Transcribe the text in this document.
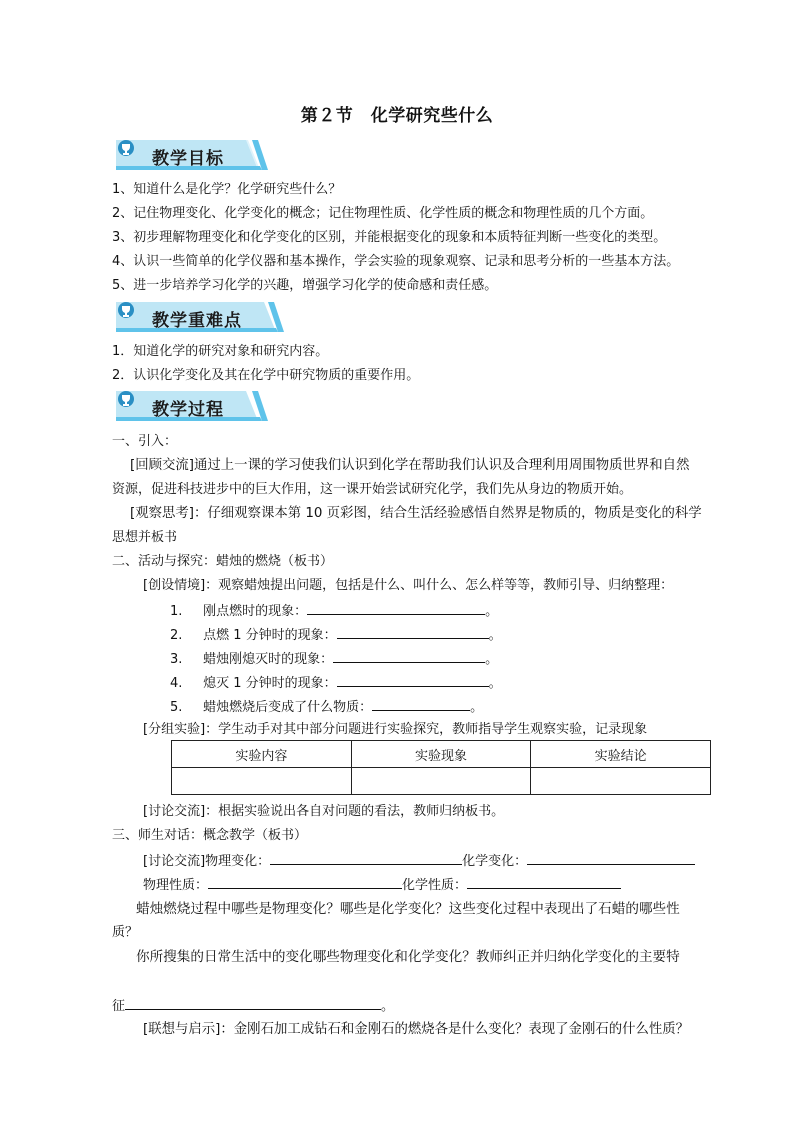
第２节　化学研究些什么
教学目标
1、知道什么是化学？化学研究些什么？
2、记住物理变化、化学变化的概念；记住物理性质、化学性质的概念和物理性质的几个方面。
3、初步理解物理变化和化学变化的区别，并能根据变化的现象和本质特征判断一些变化的类型。
4、认识一些简单的化学仪器和基本操作，学会实验的现象观察、记录和思考分析的一些基本方法。
5、进一步培养学习化学的兴趣，增强学习化学的使命感和责任感。
教学重难点
1．知道化学的研究对象和研究内容。
2．认识化学变化及其在化学中研究物质的重要作用。
教学过程
一、引入：
[回顾交流]通过上一课的学习使我们认识到化学在帮助我们认识及合理利用周围物质世界和自然
资源，促进科技进步中的巨大作用，这一课开始尝试研究化学，我们先从身边的物质开始。
[观察思考]：仔细观察课本第 10 页彩图，结合生活经验感悟自然界是物质的，物质是变化的科学
思想并板书
二、活动与探究：蜡烛的燃烧（板书）
[创设情境]：观察蜡烛提出问题，包括是什么、叫什么、怎么样等等，教师引导、归纳整理：
1. 刚点燃时的现象：	。
2. 点燃 1 分钟时的现象：	。
3. 蜡烛刚熄灭时的现象：	。
4. 熄灭 1 分钟时的现象：	。
5. 蜡烛燃烧后变成了什么物质：	。
[分组实验]：学生动手对其中部分问题进行实验探究，教师指导学生观察实验，记录现象
实验内容	实验现象	实验结论

[讨论交流]：根据实验说出各自对问题的看法，教师归纳板书。
三、师生对话：概念教学（板书）
[讨论交流]物理变化：	化学变化：
物理性质：	化学性质：
蜡烛燃烧过程中哪些是物理变化？哪些是化学变化？这些变化过程中表现出了石蜡的哪些性
质？
你所搜集的日常生活中的变化哪些物理变化和化学变化？教师纠正并归纳化学变化的主要特
征	。
[联想与启示]：金刚石加工成钻石和金刚石的燃烧各是什么变化？表现了金刚石的什么性质？
